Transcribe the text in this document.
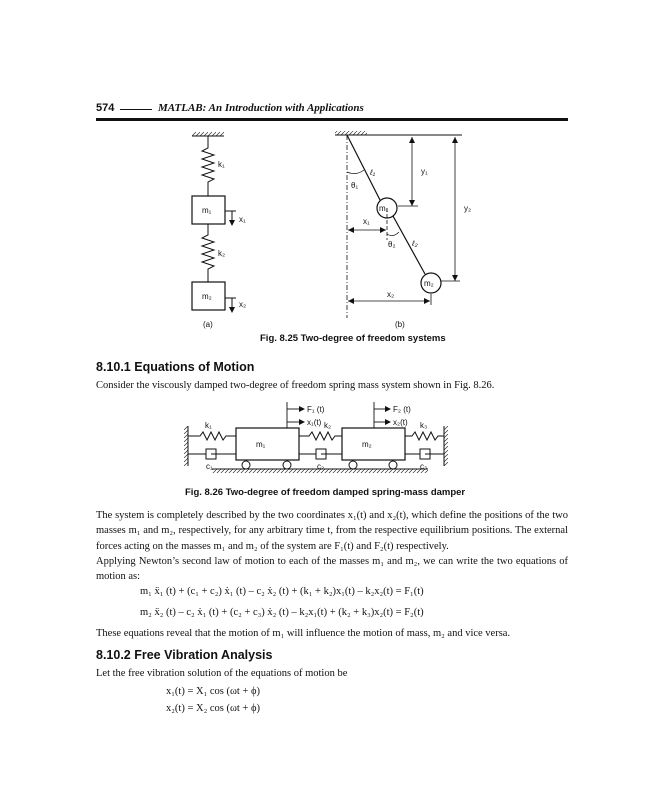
574	MATLAB: An Introduction with Applications
k₁
m₁
x₁
k₂
m₂
x₂
(a)
ℓ₁
θ₁
y₁
m₁	y₂
x₁
θ₂ ℓ₂
m₂
x₂
(b)
Fig. 8.25 Two-degree of freedom systems
8.10.1 Equations of Motion
Consider the viscously damped two-degree of freedom spring mass system shown in Fig. 8.26.
F₁ (t)
x₁(t)
F₂ (t)
x₂(t)
k₁	k₂	k₃
m₁	m₂
c₁	c₂	c₃
Fig. 8.26 Two-degree of freedom damped spring-mass damper
The system is completely described by the two coordinates x₁(t) and x₂(t), which define the positions of the two masses m₁ and m₂, respectively, for any arbitrary time t, from the respective equilibrium positions. The external forces acting on the masses m₁ and m₂ of the system are F₁(t) and F₂(t) respectively.
Applying Newton’s second law of motion to each of the masses m₁ and m₂, we can write the two equations of motion as:
m₁ ẍ₁ (t) + (c₁ + c₂) ẋ₁ (t) – c₂ ẋ₂ (t) + (k₁ + k₂)x₁(t) – k₂x₂(t) = F₁(t)
m₂ ẍ₂ (t) – c₂ ẋ₁ (t) + (c₂ + c₃) ẋ₂ (t) – k₂x₁(t) + (k₂ + k₃)x₂(t) = F₂(t)
These equations reveal that the motion of m₁ will influence the motion of mass, m₂ and vice versa.
8.10.2 Free Vibration Analysis
Let the free vibration solution of the equations of motion be
x₁(t) = X₁ cos (ωt + ϕ)
x₂(t) = X₂ cos (ωt + ϕ)
